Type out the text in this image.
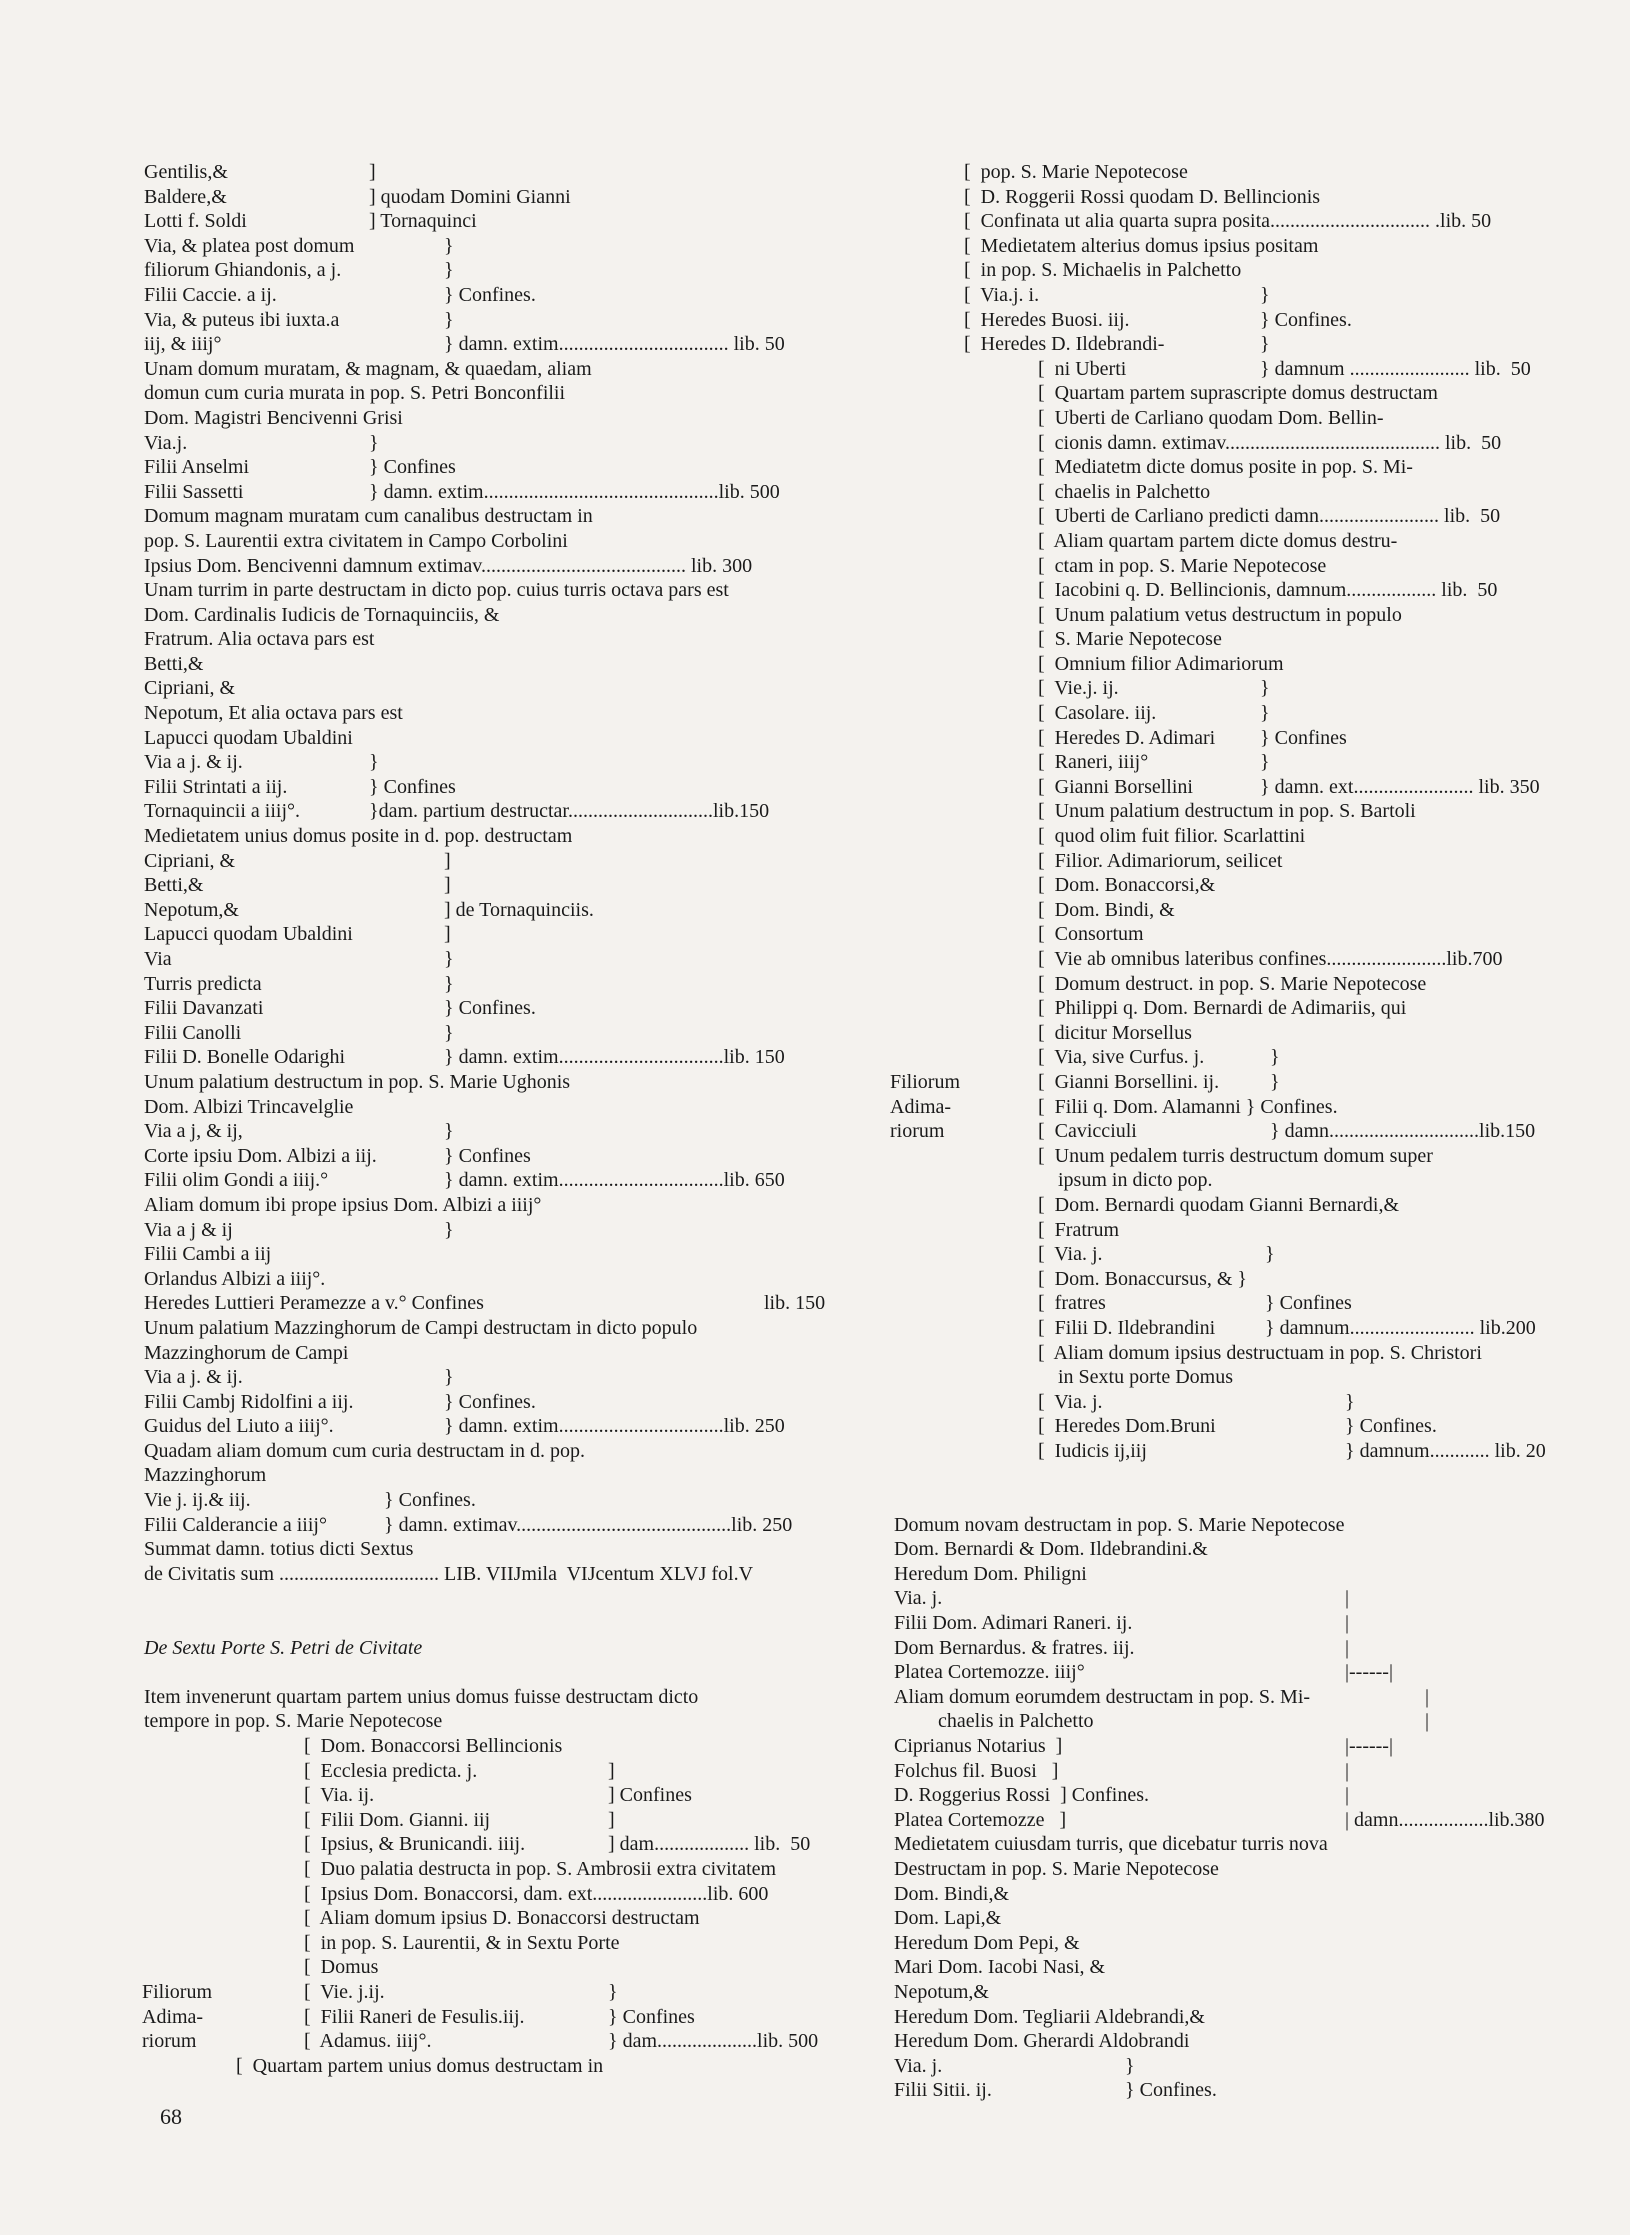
Gentilis,&	]
Baldere,&	] quodam Domini Gianni
Lotti f. Soldi	] Tornaquinci
Via, & platea post domum	}
filiorum Ghiandonis, a j.	}
Filii Caccie. a ij.	} Confines.
Via, & puteus ibi iuxta.a	}
iij, & iiij°	} damn. extim.................................. lib. 50
Unam domum muratam, & magnam, & quaedam, aliam
domun cum curia murata in pop. S. Petri Bonconfilii
Dom. Magistri Bencivenni Grisi
Via.j.	}
Filii Anselmi	} Confines
Filii Sassetti	} damn. extim...............................................lib. 500
Domum magnam muratam cum canalibus destructam in
pop. S. Laurentii extra civitatem in Campo Corbolini
Ipsius Dom. Bencivenni damnum extimav......................................... lib. 300
Unam turrim in parte destructam in dicto pop. cuius turris octava pars est
Dom. Cardinalis Iudicis de Tornaquinciis, &
Fratrum. Alia octava pars est
Betti,&
Cipriani, &
Nepotum, Et alia octava pars est
Lapucci quodam Ubaldini
Via a j. & ij.	}
Filii Strintati a iij.	} Confines
Tornaquincii a iiij°.	}dam. partium destructar.............................lib.150
Medietatem unius domus posite in d. pop. destructam
Cipriani, &	]
Betti,&	]
Nepotum,&	] de Tornaquinciis.
Lapucci quodam Ubaldini	]
Via	}
Turris predicta	}
Filii Davanzati	} Confines.
Filii Canolli	}
Filii D. Bonelle Odarighi	} damn. extim.................................lib. 150
Unum palatium destructum in pop. S. Marie Ughonis
Dom. Albizi Trincavelglie
Via a j, & ij,	}
Corte ipsiu Dom. Albizi a iij.	} Confines
Filii olim Gondi a iiij.°	} damn. extim.................................lib. 650
Aliam domum ibi prope ipsius Dom. Albizi a iiij°
Via a j & ij	}
Filii Cambi a iij
Orlandus Albizi a iiij°.
Heredes Luttieri Peramezze a v.° Confines	lib. 150
Unum palatium Mazzinghorum de Campi destructam in dicto populo
Mazzinghorum de Campi
Via a j. & ij.	}
Filii Cambj Ridolfini a iij.	} Confines.
Guidus del Liuto a iiij°.	} damn. extim.................................lib. 250
Quadam aliam domum cum curia destructam in d. pop.
Mazzinghorum
Vie j. ij.& iij.	} Confines.
Filii Calderancie a iiij°	} damn. extimav...........................................lib. 250
Summat damn. totius dicti Sextus
de Civitatis sum ................................ LIB. VIIJmila  VIJcentum XLVJ fol.V
De Sextu Porte S. Petri de Civitate
Item invenerunt quartam partem unius domus fuisse destructam dicto
tempore in pop. S. Marie Nepotecose
[  Dom. Bonaccorsi Bellincionis
[  Ecclesia predicta. j.	]
[  Via. ij.	] Confines
[  Filii Dom. Gianni. iij	]
[  Ipsius, & Brunicandi. iiij.	] dam................... lib.  50
[  Duo palatia destructa in pop. S. Ambrosii extra civitatem
[  Ipsius Dom. Bonaccorsi, dam. ext.......................lib. 600
[  Aliam domum ipsius D. Bonaccorsi destructam
[  in pop. S. Laurentii, & in Sextu Porte
[  Domus
Filiorum	[  Vie. j.ij.	}
Adima-	[  Filii Raneri de Fesulis.iij.	} Confines
riorum	[  Adamus. iiij°.	} dam....................lib. 500
[  Quartam partem unius domus destructam in
[  pop. S. Marie Nepotecose
[  D. Roggerii Rossi quodam D. Bellincionis
[  Confinata ut alia quarta supra posita................................ .lib. 50
[  Medietatem alterius domus ipsius positam
[  in pop. S. Michaelis in Palchetto
[  Via.j. i.	}
[  Heredes Buosi. iij.	} Confines.
[  Heredes D. Ildebrandi-	}
[  ni Uberti	} damnum ........................ lib.  50
[  Quartam partem suprascripte domus destructam
[  Uberti de Carliano quodam Dom. Bellin-
[  cionis damn. extimav........................................... lib.  50
[  Mediatetm dicte domus posite in pop. S. Mi-
[  chaelis in Palchetto
[  Uberti de Carliano predicti damn........................ lib.  50
[  Aliam quartam partem dicte domus destru-
[  ctam in pop. S. Marie Nepotecose
[  Iacobini q. D. Bellincionis, damnum.................. lib.  50
[  Unum palatium vetus destructum in populo
[  S. Marie Nepotecose
[  Omnium filior Adimariorum
[  Vie.j. ij.	}
[  Casolare. iij.	}
[  Heredes D. Adimari } Confines
[  Raneri, iiij°	}
[  Gianni Borsellini	} damn. ext........................ lib. 350
[  Unum palatium destructum in pop. S. Bartoli
[  quod olim fuit filior. Scarlattini
[  Filior. Adimariorum, seilicet
[  Dom. Bonaccorsi,&
[  Dom. Bindi, &
[  Consortum
[  Vie ab omnibus lateribus confines........................lib.700
[  Domum destruct. in pop. S. Marie Nepotecose
[  Philippi q. Dom. Bernardi de Adimariis, qui
[  dicitur Morsellus
[  Via, sive Curfus. j.	}
Filiorum	[  Gianni Borsellini. ij.	}
Adima-	[  Filii q. Dom. Alamanni } Confines.
riorum	[  Cavicciuli	} damn..............................lib.150
[  Unum pedalem turris destructum domum super
ipsum in dicto pop.
[  Dom. Bernardi quodam Gianni Bernardi,&
[  Fratrum
[  Via. j.	}
[  Dom. Bonaccursus, & }
[  fratres	} Confines
[  Filii D. Ildebrandini } damnum......................... lib.200
[  Aliam domum ipsius destructuam in pop. S. Christori
in Sextu porte Domus
[  Via. j.	}
[  Heredes Dom.Bruni	} Confines.
[  Iudicis ij,iij	} damnum............ lib. 20
Domum novam destructam in pop. S. Marie Nepotecose
Dom. Bernardi & Dom. Ildebrandini.&
Heredum Dom. Philigni
Via. j.	|
Filii Dom. Adimari Raneri. ij.	|
Dom Bernardus. & fratres. iij.	|
Platea Cortemozze. iiij°	|------|
Aliam domum eorumdem destructam in pop. S. Mi-	|
chaelis in Palchetto	|
Ciprianus Notarius  ]	|------|
Folchus fil. Buosi   ]	|
D. Roggerius Rossi  ] Confines.	|
Platea Cortemozze   ]	| damn..................lib.380
Medietatem cuiusdam turris, que dicebatur turris nova
Destructam in pop. S. Marie Nepotecose
Dom. Bindi,&
Dom. Lapi,&
Heredum Dom Pepi, &
Mari Dom. Iacobi Nasi, &
Nepotum,&
Heredum Dom. Tegliarii Aldebrandi,&
Heredum Dom. Gherardi Aldobrandi
Via. j.	}
Filii Sitii. ij.	} Confines.
68
